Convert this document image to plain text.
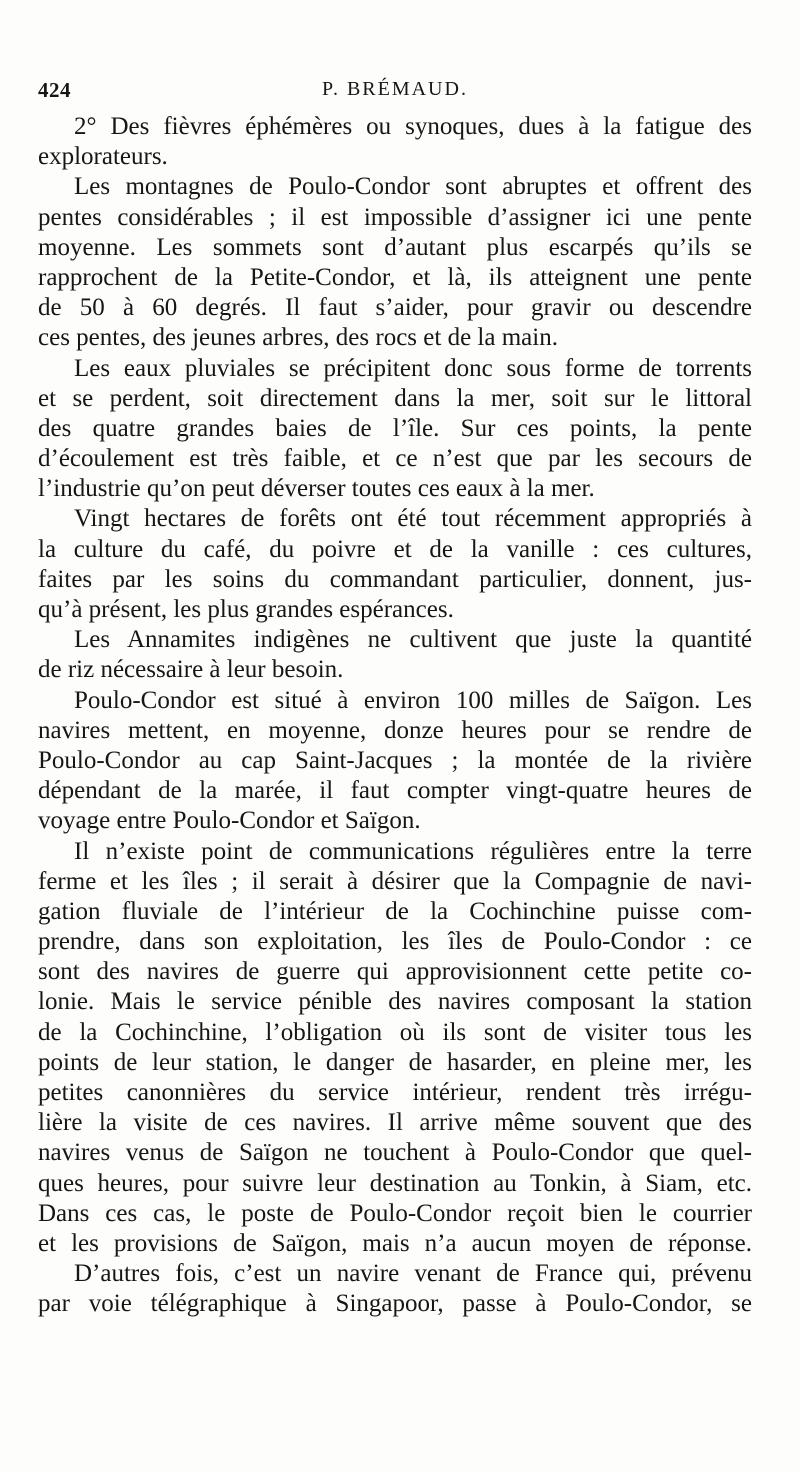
424	P. BRÉMAUD.
2° Des fièvres éphémères ou synoques, dues à la fatigue des
explorateurs.
Les montagnes de Poulo-Condor sont abruptes et offrent des
pentes considérables ; il est impossible d’assigner ici une pente
moyenne. Les sommets sont d’autant plus escarpés qu’ils se
rapprochent de la Petite-Condor, et là, ils atteignent une pente
de 50 à 60 degrés. Il faut s’aider, pour gravir ou descendre
ces pentes, des jeunes arbres, des rocs et de la main.
Les eaux pluviales se précipitent donc sous forme de torrents
et se perdent, soit directement dans la mer, soit sur le littoral
des quatre grandes baies de l’île. Sur ces points, la pente
d’écoulement est très faible, et ce n’est que par les secours de
l’industrie qu’on peut déverser toutes ces eaux à la mer.
Vingt hectares de forêts ont été tout récemment appropriés à
la culture du café, du poivre et de la vanille : ces cultures,
faites par les soins du commandant particulier, donnent, jus-
qu’à présent, les plus grandes espérances.
Les Annamites indigènes ne cultivent que juste la quantité
de riz nécessaire à leur besoin.
Poulo-Condor est situé à environ 100 milles de Saïgon. Les
navires mettent, en moyenne, donze heures pour se rendre de
Poulo-Condor au cap Saint-Jacques ; la montée de la rivière
dépendant de la marée, il faut compter vingt-quatre heures de
voyage entre Poulo-Condor et Saïgon.
Il n’existe point de communications régulières entre la terre
ferme et les îles ; il serait à désirer que la Compagnie de navi-
gation fluviale de l’intérieur de la Cochinchine puisse com-
prendre, dans son exploitation, les îles de Poulo-Condor : ce
sont des navires de guerre qui approvisionnent cette petite co-
lonie. Mais le service pénible des navires composant la station
de la Cochinchine, l’obligation où ils sont de visiter tous les
points de leur station, le danger de hasarder, en pleine mer, les
petites canonnières du service intérieur, rendent très irrégu-
lière la visite de ces navires. Il arrive même souvent que des
navires venus de Saïgon ne touchent à Poulo-Condor que quel-
ques heures, pour suivre leur destination au Tonkin, à Siam, etc.
Dans ces cas, le poste de Poulo-Condor reçoit bien le courrier
et les provisions de Saïgon, mais n’a aucun moyen de réponse.
D’autres fois, c’est un navire venant de France qui, prévenu
par voie télégraphique à Singapoor, passe à Poulo-Condor, se
